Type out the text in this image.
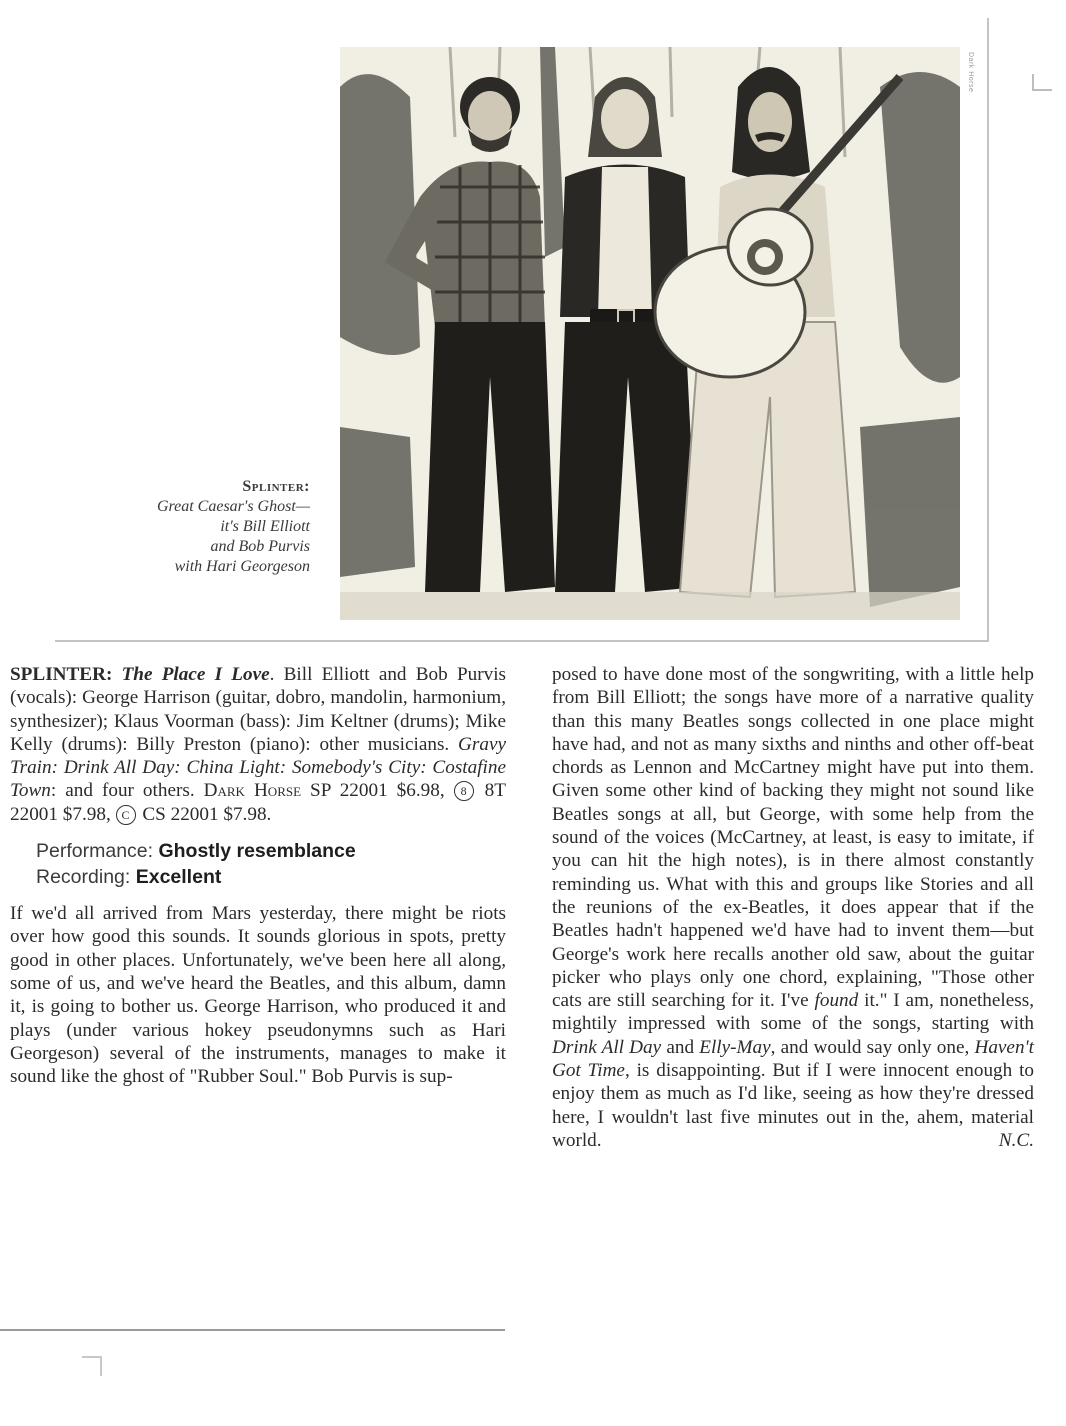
Dark Horse
Splinter:
Great Caesar's Ghost—
it's Bill Elliott
and Bob Purvis
with Hari Georgeson

SPLINTER: The Place I Love. Bill Elliott and Bob Purvis (vocals): George Harrison (guitar, dobro, mandolin, harmonium, synthesizer); Klaus Voorman (bass): Jim Keltner (drums); Mike Kelly (drums): Billy Preston (piano): other musicians. Gravy Train: Drink All Day: China Light: Somebody's City: Costafine Town: and four others. Dark Horse SP 22001 $6.98, 8 8T 22001 $7.98, C CS 22001 $7.98.

Performance: Ghostly resemblance
Recording: Excellent

If we'd all arrived from Mars yesterday, there might be riots over how good this sounds. It sounds glorious in spots, pretty good in other places. Unfortunately, we've been here all along, some of us, and we've heard the Beatles, and this album, damn it, is going to bother us. George Harrison, who produced it and plays (under various hokey pseudonymns such as Hari Georgeson) several of the instruments, manages to make it sound like the ghost of "Rubber Soul." Bob Purvis is sup-

posed to have done most of the songwriting, with a little help from Bill Elliott; the songs have more of a narrative quality than this many Beatles songs collected in one place might have had, and not as many sixths and ninths and other off-beat chords as Lennon and McCartney might have put into them. Given some other kind of backing they might not sound like Beatles songs at all, but George, with some help from the sound of the voices (McCartney, at least, is easy to imitate, if you can hit the high notes), is in there almost constantly reminding us. What with this and groups like Stories and all the reunions of the ex-Beatles, it does appear that if the Beatles hadn't happened we'd have had to invent them—but George's work here recalls another old saw, about the guitar picker who plays only one chord, explaining, "Those other cats are still searching for it. I've found it." I am, nonetheless, mightily impressed with some of the songs, starting with Drink All Day and Elly-May, and would say only one, Haven't Got Time, is disappointing. But if I were innocent enough to enjoy them as much as I'd like, seeing as how they're dressed here, I wouldn't last five minutes out in the, ahem, material world.	N.C.
